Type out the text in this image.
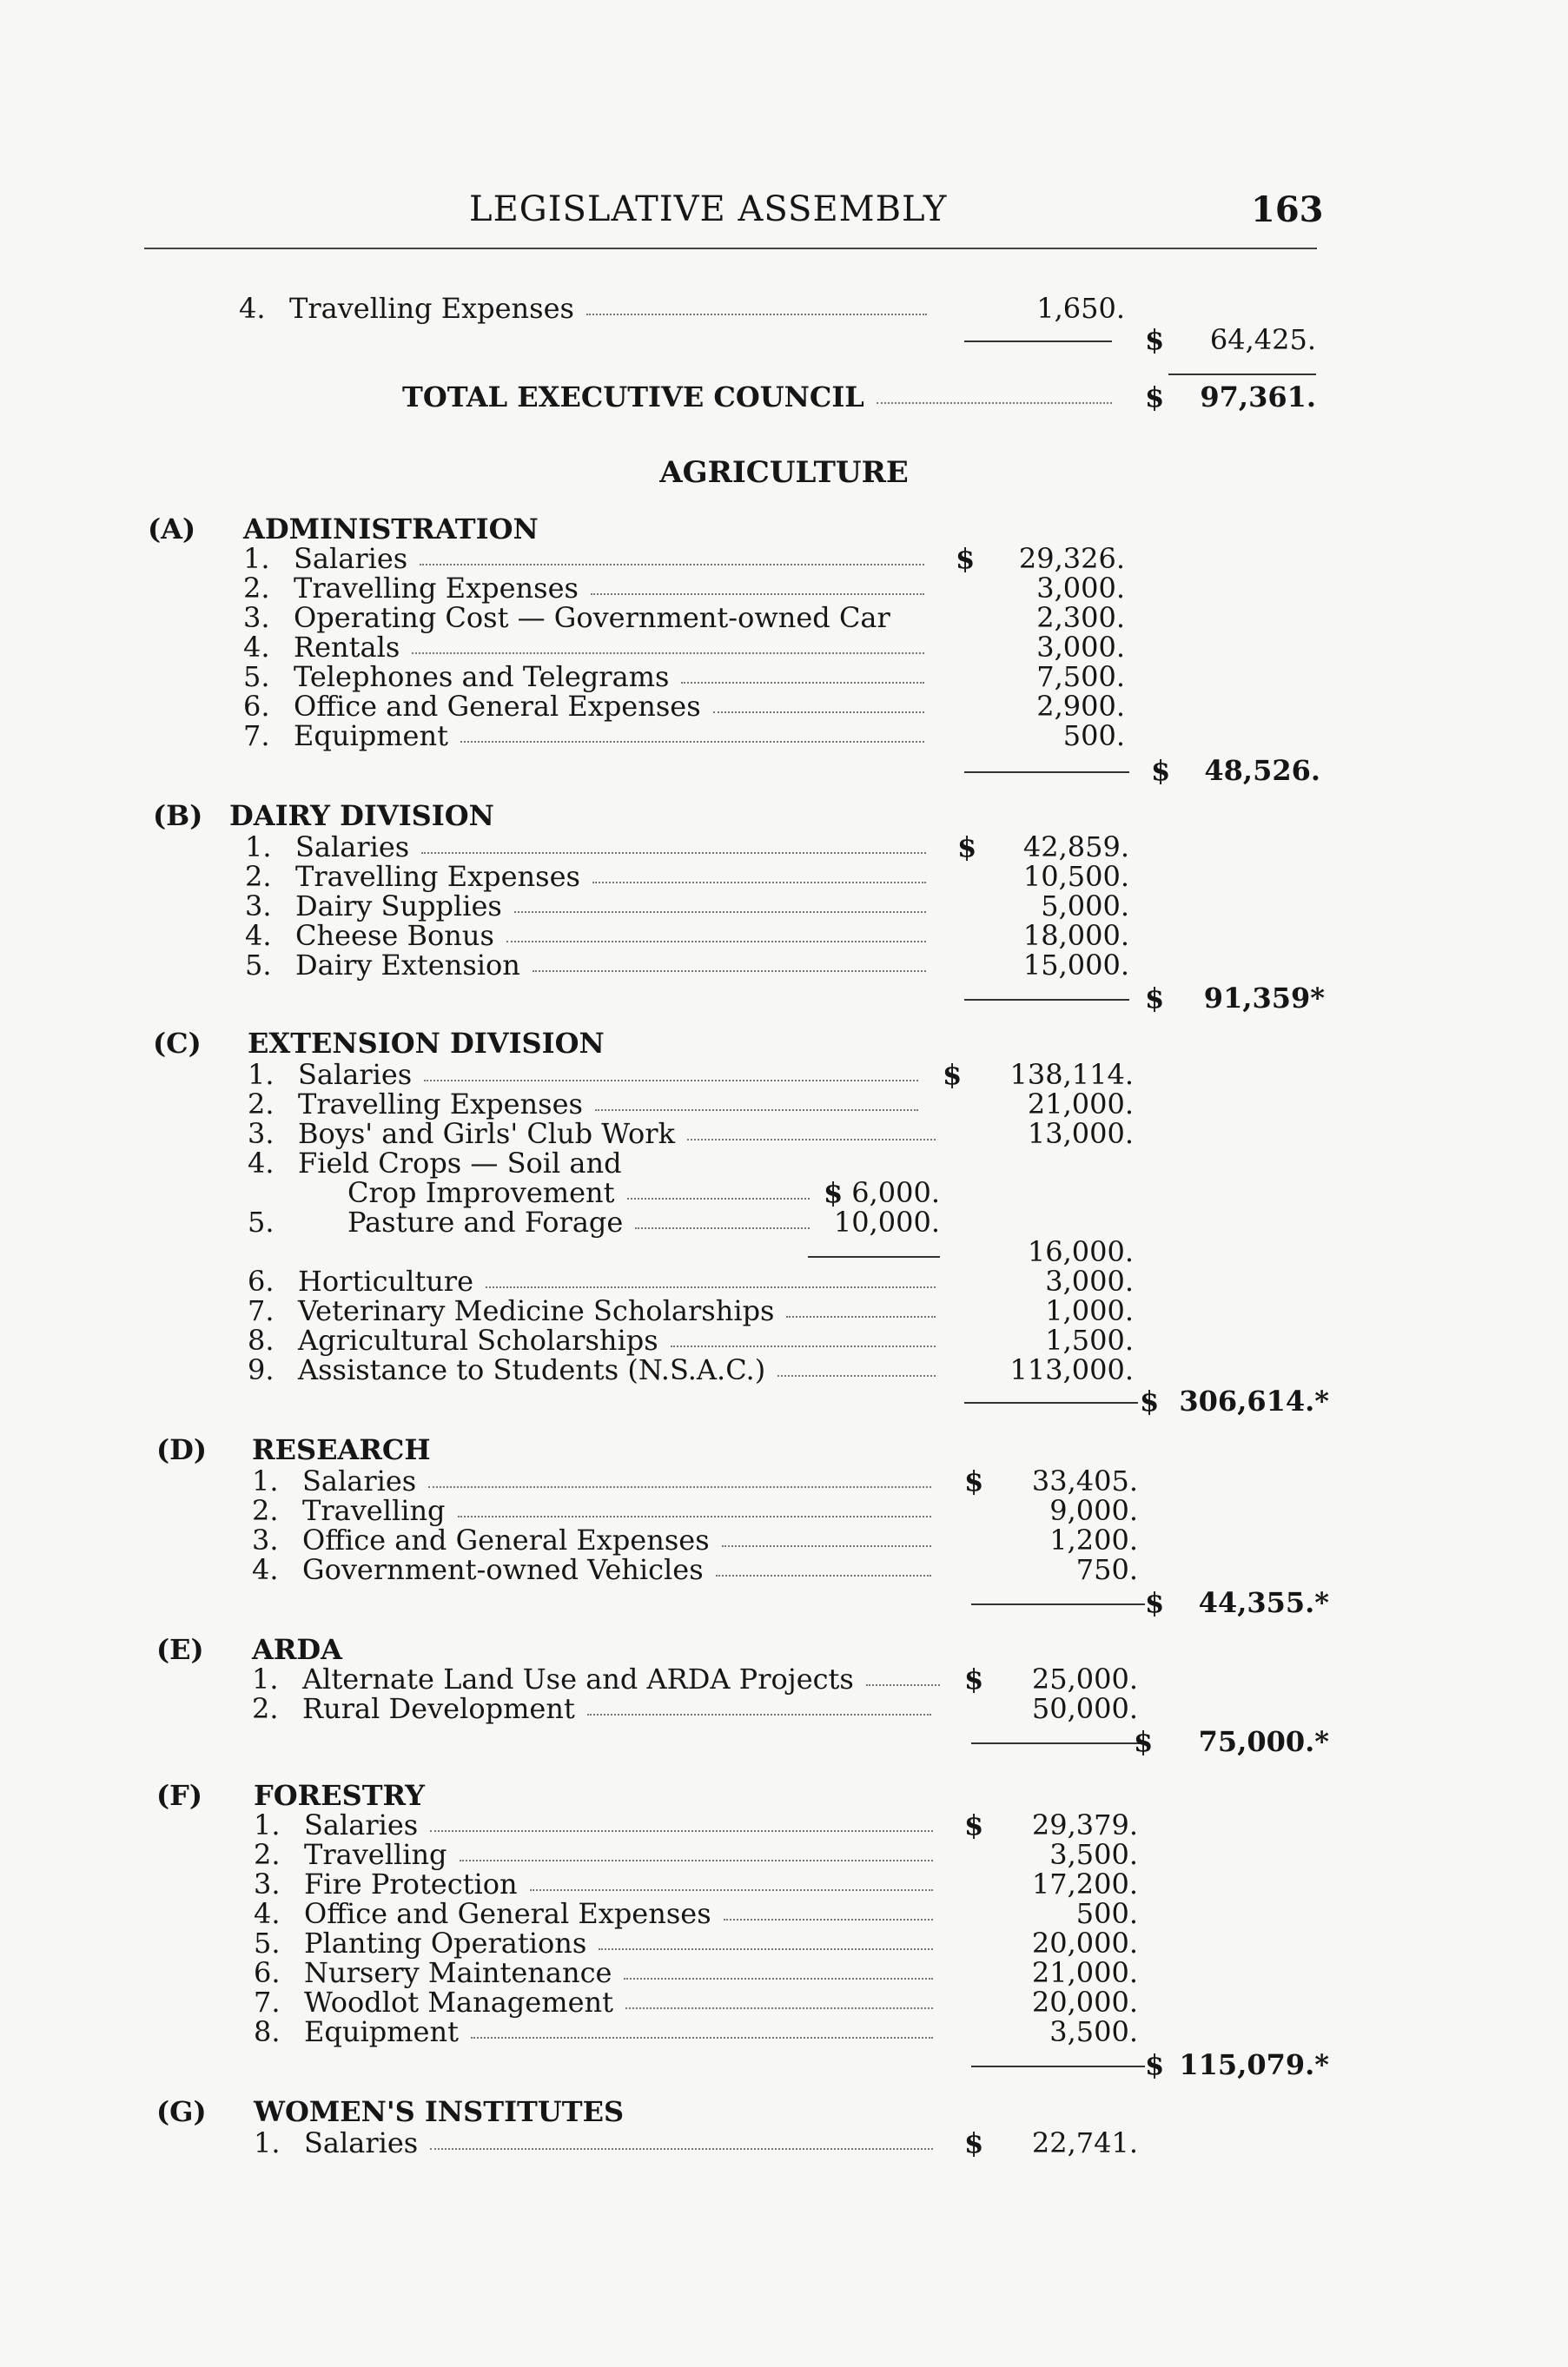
LEGISLATIVE ASSEMBLY	163
4. Travelling Expenses	1,650.
$	64,425.
TOTAL EXECUTIVE COUNCIL	$	97,361.
AGRICULTURE
(A) ADMINISTRATION
1. Salaries	$	29,326.
2. Travelling Expenses	3,000.
3. Operating Cost — Government-owned Car	2,300.
4. Rentals	3,000.
5. Telephones and Telegrams	7,500.
6. Office and General Expenses	2,900.
7. Equipment	500.
$	48,526.
(B) DAIRY DIVISION
1. Salaries	$	42,859.
2. Travelling Expenses	10,500.
3. Dairy Supplies	5,000.
4. Cheese Bonus	18,000.
5. Dairy Extension	15,000.
$	91,359*
(C) EXTENSION DIVISION
1. Salaries	$	138,114.
2. Travelling Expenses	21,000.
3. Boys' and Girls' Club Work	13,000.
4. Field Crops — Soil and
Crop Improvement	$ 6,000.
5.	Pasture and Forage	10,000.
16,000.
6. Horticulture	3,000.
7. Veterinary Medicine Scholarships	1,000.
8. Agricultural Scholarships	1,500.
9. Assistance to Students (N.S.A.C.)	113,000.
$ 306,614.*
(D) RESEARCH
1. Salaries	$	33,405.
2. Travelling	9,000.
3. Office and General Expenses	1,200.
4. Government-owned Vehicles	750.
$	44,355.*
(E) ARDA
1. Alternate Land Use and ARDA Projects	$	25,000.
2. Rural Development	50,000.
$	75,000.*
(F) FORESTRY
1. Salaries	$	29,379.
2. Travelling	3,500.
3. Fire Protection	17,200.
4. Office and General Expenses	500.
5. Planting Operations	20,000.
6. Nursery Maintenance	21,000.
7. Woodlot Management	20,000.
8. Equipment	3,500.
$ 115,079.*
(G) WOMEN'S INSTITUTES
1. Salaries	$	22,741.
